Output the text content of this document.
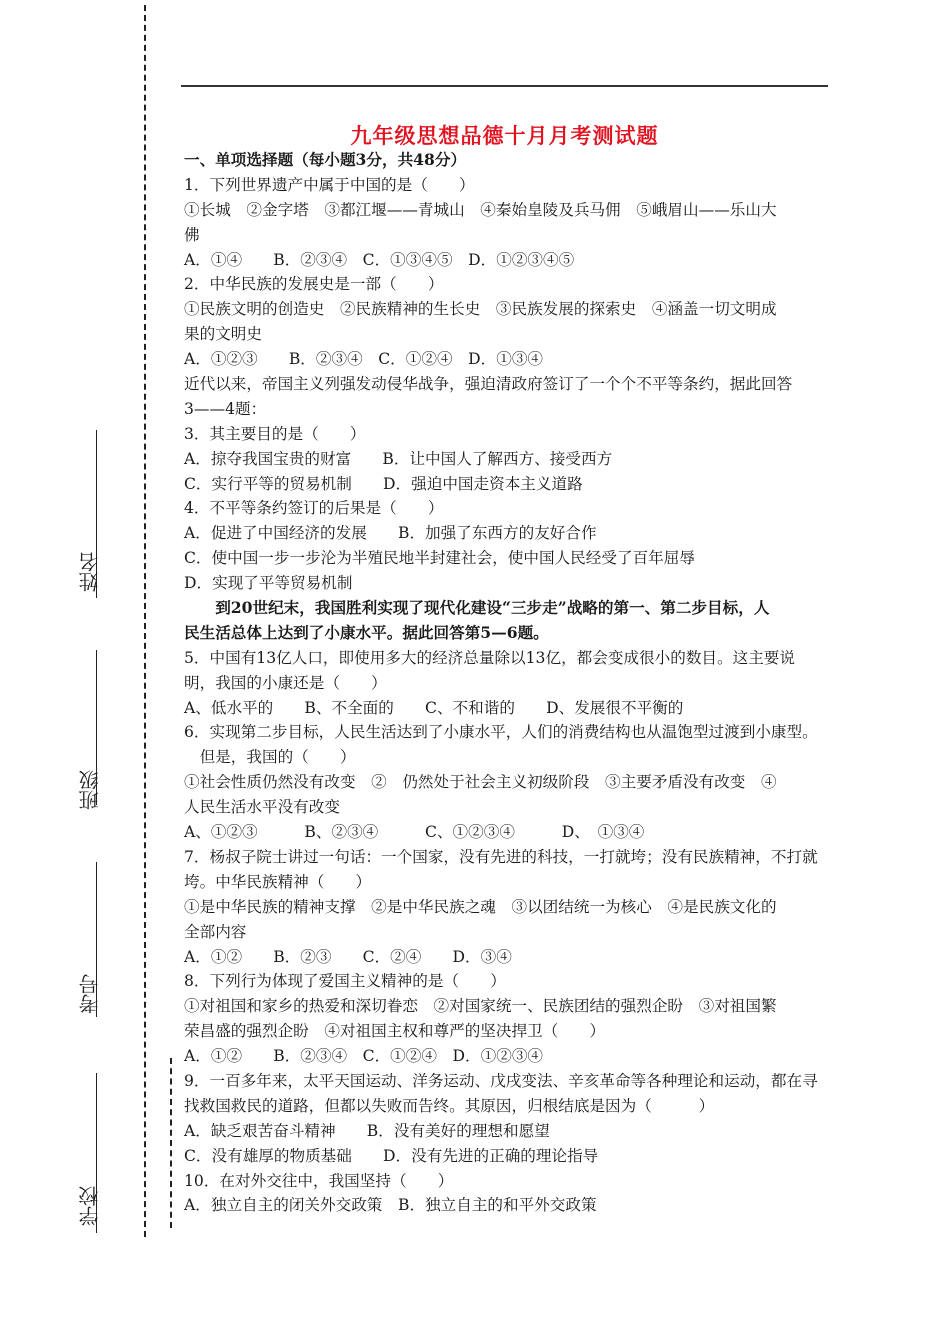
姓名
班级
考号
学校
九年级思想品德十月月考测试题
一、单项选择题（每小题3分，共48分）
1．下列世界遗产中属于中国的是（　　）
①长城　②金字塔　③都江堰——青城山　④秦始皇陵及兵马佣　⑤峨眉山——乐山大
佛
A．①④　　B．②③④　C．①③④⑤　D．①②③④⑤
2．中华民族的发展史是一部（　　）
①民族文明的创造史　②民族精神的生长史　③民族发展的探索史　④涵盖一切文明成
果的文明史
A．①②③　　B．②③④　C．①②④　D．①③④
近代以来，帝国主义列强发动侵华战争，强迫清政府签订了一个个不平等条约，据此回答
3——4题：
3．其主要目的是（　　）
A．掠夺我国宝贵的财富　　B．让中国人了解西方、接受西方
C．实行平等的贸易机制　　D．强迫中国走资本主义道路
4．不平等条约签订的后果是（　　）
A．促进了中国经济的发展　　B．加强了东西方的友好合作
C．使中国一步一步沦为半殖民地半封建社会，使中国人民经受了百年屈辱
D．实现了平等贸易机制
　　到20世纪末，我国胜利实现了现代化建设“三步走”战略的第一、第二步目标，人
民生活总体上达到了小康水平。据此回答第5—6题。
5．中国有13亿人口，即使用多大的经济总量除以13亿，都会变成很小的数目。这主要说
明，我国的小康还是（　　）
A、低水平的　　B、不全面的　　C、不和谐的　　D、发展很不平衡的
6．实现第二步目标，人民生活达到了小康水平，人们的消费结构也从温饱型过渡到小康型。
　但是，我国的（　　）
①社会性质仍然没有改变　②　仍然处于社会主义初级阶段　③主要矛盾没有改变　④
人民生活水平没有改变
A、①②③　　　B、②③④　　　C、①②③④　　　D、　①③④
7．杨叔子院士讲过一句话：一个国家，没有先进的科技，一打就垮；没有民族精神，不打就
垮。中华民族精神（　　）
①是中华民族的精神支撑　②是中华民族之魂　③以团结统一为核心　④是民族文化的
全部内容
A．①②　　B．②③　　C．②④　　D．③④
8．下列行为体现了爱国主义精神的是（　　）
①对祖国和家乡的热爱和深切眷恋　②对国家统一、民族团结的强烈企盼　③对祖国繁
荣昌盛的强烈企盼　④对祖国主权和尊严的坚决捍卫（　　）
A．①②　　B．②③④　C．①②④　D．①②③④
9．一百多年来，太平天国运动、洋务运动、戊戌变法、辛亥革命等各种理论和运动，都在寻
找救国救民的道路，但都以失败而告终。其原因，归根结底是因为（　　　）
A．缺乏艰苦奋斗精神　　B．没有美好的理想和愿望
C．没有雄厚的物质基础　　D．没有先进的正确的理论指导
10．在对外交往中，我国坚持（　　）
A．独立自主的闭关外交政策　B．独立自主的和平外交政策
